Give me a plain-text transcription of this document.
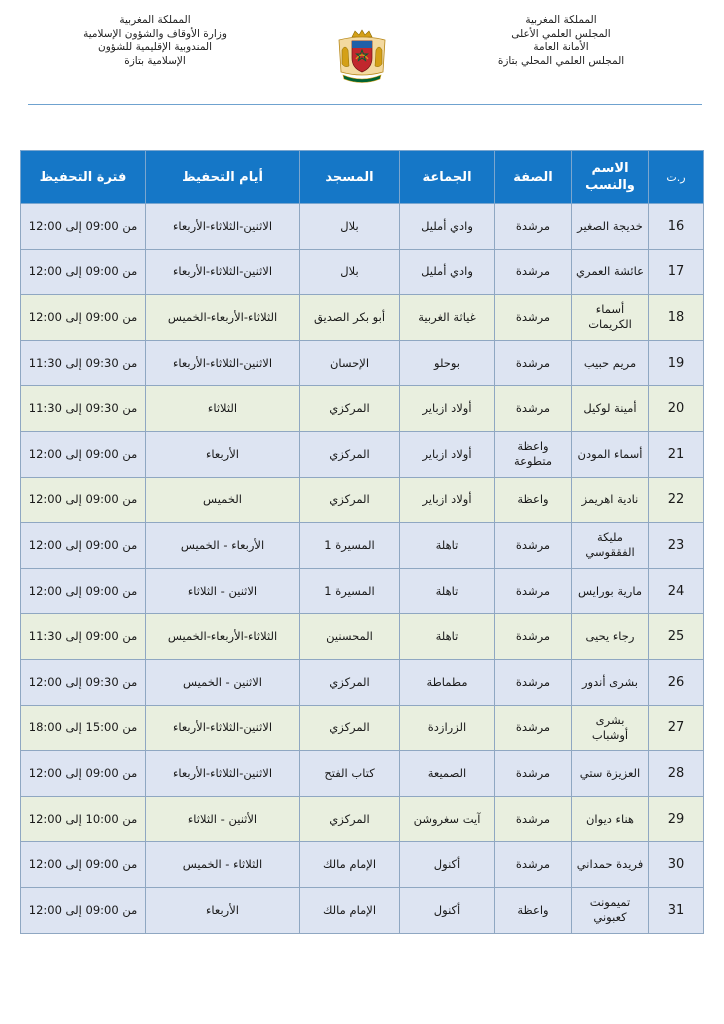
المملكة المغربية
المجلس العلمي الأعلى
الأمانة العامة
المجلس العلمي المحلي بتازة
المملكة المغربية
وزارة الأوقاف والشؤون الإسلامية
المندوبية الإقليمية للشؤون
الإسلامية بتازة
ر.ت	الاسم والنسب	الصفة	الجماعة	المسجد	أيام التحفيظ	فترة التحفيظ
16	خديجة الصغير	مرشدة	وادي أمليل	بلال	الاثنين-الثلاثاء-الأربعاء	من 09:00 إلى 12:00
17	عائشة العمري	مرشدة	وادي أمليل	بلال	الاثنين-الثلاثاء-الأربعاء	من 09:00 إلى 12:00
18	أسماء الكريمات	مرشدة	غياثة الغربية	أبو بكر الصديق	الثلاثاء-الأربعاء-الخميس	من 09:00 إلى 12:00
19	مريم حبيب	مرشدة	بوحلو	الإحسان	الاثنين-الثلاثاء-الأربعاء	من 09:30 إلى 11:30
20	أمينة لوكيل	مرشدة	أولاد ازباير	المركزي	الثلاثاء	من 09:30 إلى 11:30
21	أسماء المودن	واعظة متطوعة	أولاد ازباير	المركزي	الأربعاء	من 09:00 إلى 12:00
22	نادية اهريمز	واعظة	أولاد ازباير	المركزي	الخميس	من 09:00 إلى 12:00
23	مليكة الفققوسي	مرشدة	تاهلة	المسيرة 1	الأربعاء - الخميس	من 09:00 إلى 12:00
24	مارية بورايس	مرشدة	تاهلة	المسيرة 1	الاثنين - الثلاثاء	من 09:00 إلى 12:00
25	رجاء يحيى	مرشدة	تاهلة	المحسنين	الثلاثاء-الأربعاء-الخميس	من 09:00 إلى 11:30
26	بشرى أندور	مرشدة	مطماطة	المركزي	الاثنين - الخميس	من 09:30 إلى 12:00
27	بشرى أوشباب	مرشدة	الزرازدة	المركزي	الاثنين-الثلاثاء-الأربعاء	من 15:00 إلى 18:00
28	العزيزة ستي	مرشدة	الصميعة	كتاب الفتح	الاثنين-الثلاثاء-الأربعاء	من 09:00 إلى 12:00
29	هناء ديوان	مرشدة	آيت سغروشن	المركزي	الأثنين - الثلاثاء	من 10:00 إلى 12:00
30	فريدة حمداني	مرشدة	أكنول	الإمام مالك	الثلاثاء - الخميس	من 09:00 إلى 12:00
31	تميمونت كعبوني	واعظة	أكنول	الإمام مالك	الأربعاء	من 09:00 إلى 12:00
